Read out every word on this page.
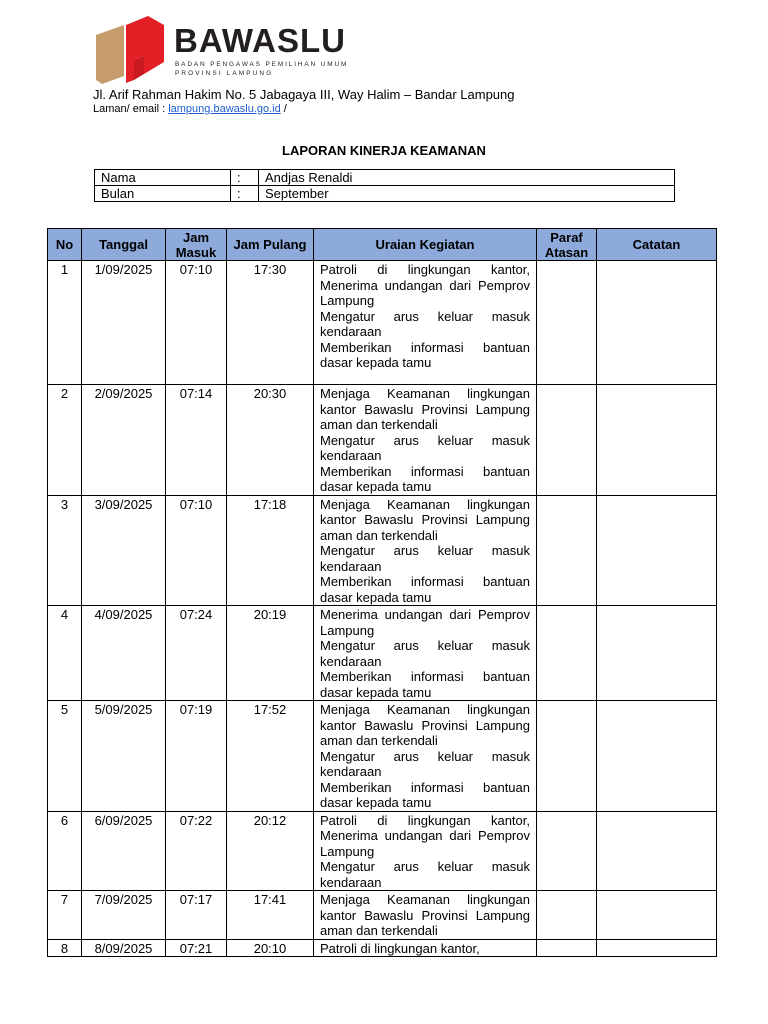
BAWASLU
BADAN PENGAWAS PEMILIHAN UMUM
PROVINSI LAMPUNG
Jl. Arif Rahman Hakim No. 5 Jabagaya III, Way Halim – Bandar Lampung
Laman/ email : lampung.bawaslu.go.id /
LAPORAN KINERJA KEAMANAN
Nama	:	Andjas Renaldi
Bulan	:	September
No	Tanggal	Jam Masuk	Jam Pulang	Uraian Kegiatan	Paraf Atasan	Catatan
1	1/09/2025	07:10	17:30	Patroli di lingkungan kantor, Menerima undangan dari Pemprov Lampung
Mengatur arus keluar masuk kendaraan
Memberikan informasi bantuan dasar kepada tamu		

2	2/09/2025	07:14	20:30	Menjaga Keamanan lingkungan kantor Bawaslu Provinsi Lampung aman dan terkendali
Mengatur arus keluar masuk kendaraan
Memberikan informasi bantuan dasar kepada tamu		

3	3/09/2025	07:10	17:18	Menjaga Keamanan lingkungan kantor Bawaslu Provinsi Lampung aman dan terkendali
Mengatur arus keluar masuk kendaraan
Memberikan informasi bantuan dasar kepada tamu		

4	4/09/2025	07:24	20:19	Menerima undangan dari Pemprov Lampung
Mengatur arus keluar masuk kendaraan
Memberikan informasi bantuan dasar kepada tamu		

5	5/09/2025	07:19	17:52	Menjaga Keamanan lingkungan kantor Bawaslu Provinsi Lampung aman dan terkendali
Mengatur arus keluar masuk kendaraan
Memberikan informasi bantuan dasar kepada tamu		

6	6/09/2025	07:22	20:12	Patroli di lingkungan kantor, Menerima undangan dari Pemprov Lampung
Mengatur arus keluar masuk kendaraan		

7	7/09/2025	07:17	17:41	Menjaga Keamanan lingkungan kantor Bawaslu Provinsi Lampung aman dan terkendali		

8	8/09/2025	07:21	20:10	Patroli di lingkungan kantor,		
